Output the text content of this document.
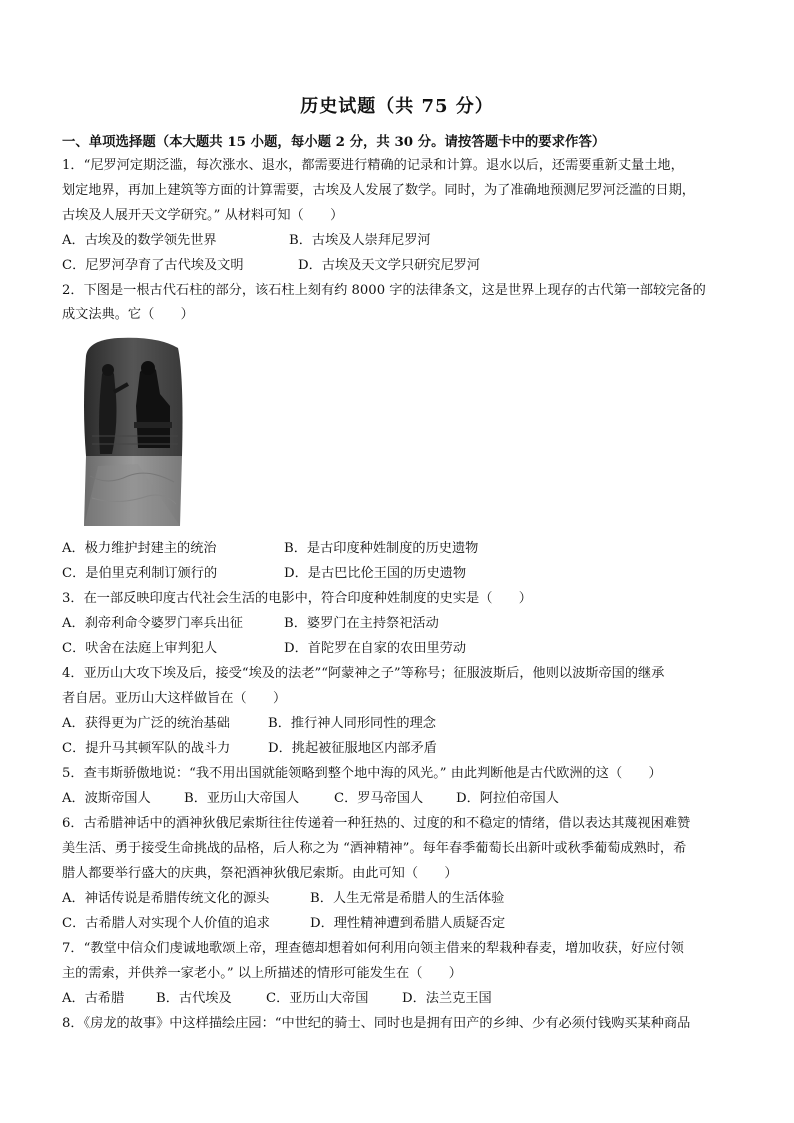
历史试题（共 75 分）
一、单项选择题（本大题共 15 小题，每小题 2 分，共 30 分。请按答题卡中的要求作答）
1．“尼罗河定期泛滥，每次涨水、退水，都需要进行精确的记录和计算。退水以后，还需要重新丈量土地，
划定地界，再加上建筑等方面的计算需要，古埃及人发展了数学。同时，为了准确地预测尼罗河泛滥的日期，
古埃及人展开天文学研究。” 从材料可知（　　）
A．古埃及的数学领先世界	B．古埃及人崇拜尼罗河
C．尼罗河孕育了古代埃及文明	D．古埃及天文学只研究尼罗河
2．下图是一根古代石柱的部分，该石柱上刻有约 8000 字的法律条文，这是世界上现存的古代第一部较完备的
成文法典。它（　　）
A．极力维护封建主的统治	B．是古印度种姓制度的历史遗物
C．是伯里克利制订颁行的	D．是古巴比伦王国的历史遗物
3．在一部反映印度古代社会生活的电影中，符合印度种姓制度的史实是（　　）
A．刹帝利命令婆罗门率兵出征	B．婆罗门在主持祭祀活动
C．吠舍在法庭上审判犯人	D．首陀罗在自家的农田里劳动
4．亚历山大攻下埃及后，接受“埃及的法老”“阿蒙神之子”等称号；征服波斯后，他则以波斯帝国的继承
者自居。亚历山大这样做旨在（　　）
A．获得更为广泛的统治基础	B．推行神人同形同性的理念
C．提升马其顿军队的战斗力	D．挑起被征服地区内部矛盾
5．查韦斯骄傲地说：“我不用出国就能领略到整个地中海的风光。” 由此判断他是古代欧洲的这（　　）
A．波斯帝国人	B．亚历山大帝国人	C．罗马帝国人 D．阿拉伯帝国人
6．古希腊神话中的酒神狄俄尼索斯往往传递着一种狂热的、过度的和不稳定的情绪，借以表达其蔑视困难赞
美生活、勇于接受生命挑战的品格，后人称之为 “酒神精神”。每年春季葡萄长出新叶或秋季葡萄成熟时，希
腊人都要举行盛大的庆典，祭祀酒神狄俄尼索斯。由此可知（　　）
A．神话传说是希腊传统文化的源头	B．人生无常是希腊人的生活体验
C．古希腊人对实现个人价值的追求	D．理性精神遭到希腊人质疑否定
7．“教堂中信众们虔诚地歌颂上帝，理查德却想着如何利用向领主借来的犁栽种春麦，增加收获，好应付领
主的需索，并供养一家老小。” 以上所描述的情形可能发生在（　　）
A．古希腊 B．古代埃及	C．亚历山大帝国	D．法兰克王国
8．《房龙的故事》中这样描绘庄园：“中世纪的骑士、同时也是拥有田产的乡绅、少有必须付钱购买某种商品
